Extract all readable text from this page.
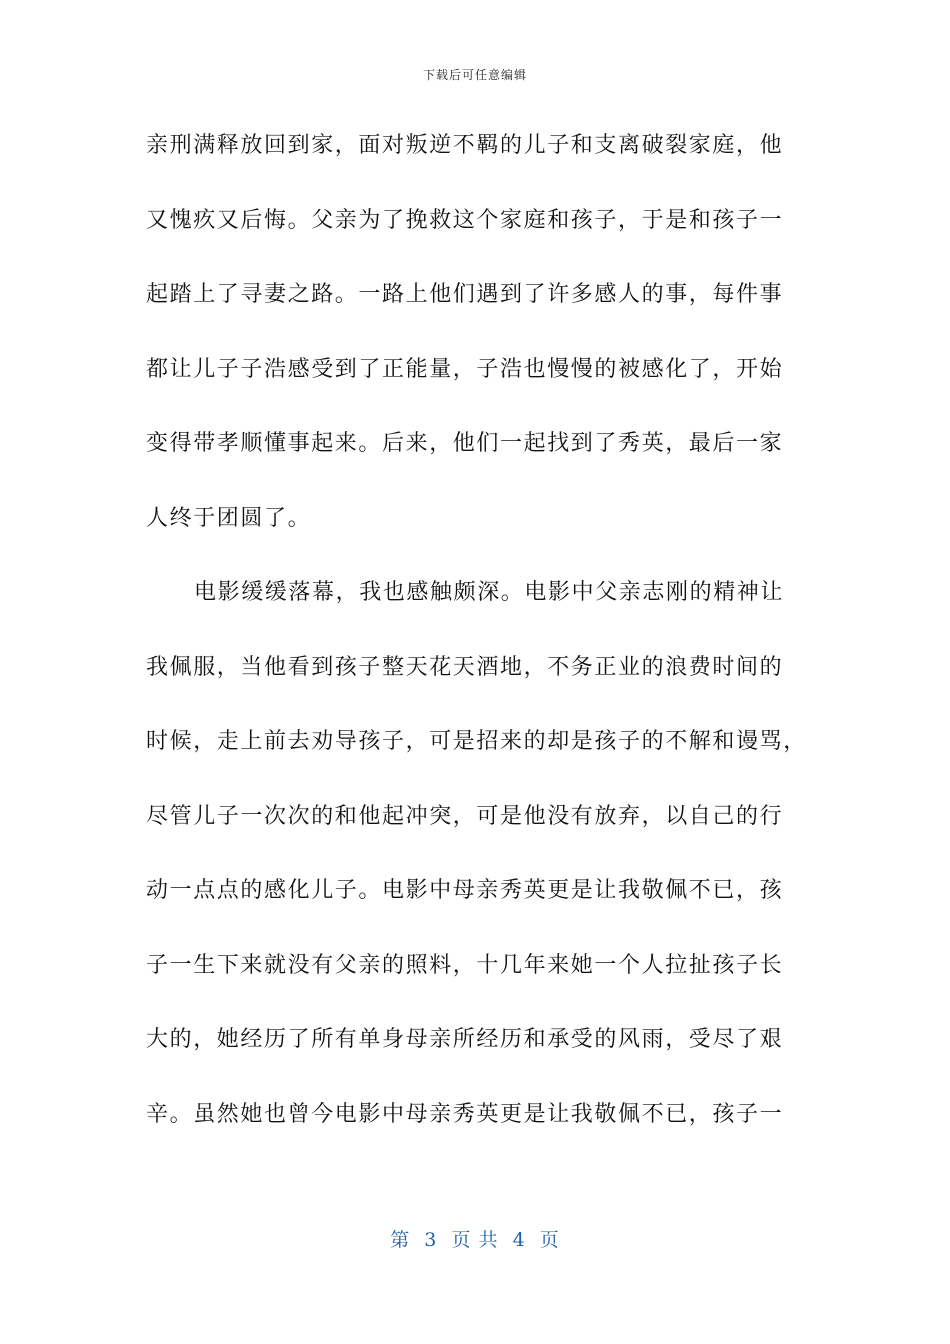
下载后可任意编辑
亲刑满释放回到家，面对叛逆不羁的儿子和支离破裂家庭，他
又愧疚又后悔。父亲为了挽救这个家庭和孩子，于是和孩子一
起踏上了寻妻之路。一路上他们遇到了许多感人的事，每件事
都让儿子子浩感受到了正能量，子浩也慢慢的被感化了，开始
变得带孝顺懂事起来。后来，他们一起找到了秀英，最后一家
人终于团圆了。
电影缓缓落幕，我也感触颇深。电影中父亲志刚的精神让
我佩服，当他看到孩子整天花天酒地，不务正业的浪费时间的
时候，走上前去劝导孩子，可是招来的却是孩子的不解和谩骂，
尽管儿子一次次的和他起冲突，可是他没有放弃，以自己的行
动一点点的感化儿子。电影中母亲秀英更是让我敬佩不已，孩
子一生下来就没有父亲的照料，十几年来她一个人拉扯孩子长
大的，她经历了所有单身母亲所经历和承受的风雨，受尽了艰
辛。虽然她也曾今电影中母亲秀英更是让我敬佩不已，孩子一
第  3  页 共  4  页
